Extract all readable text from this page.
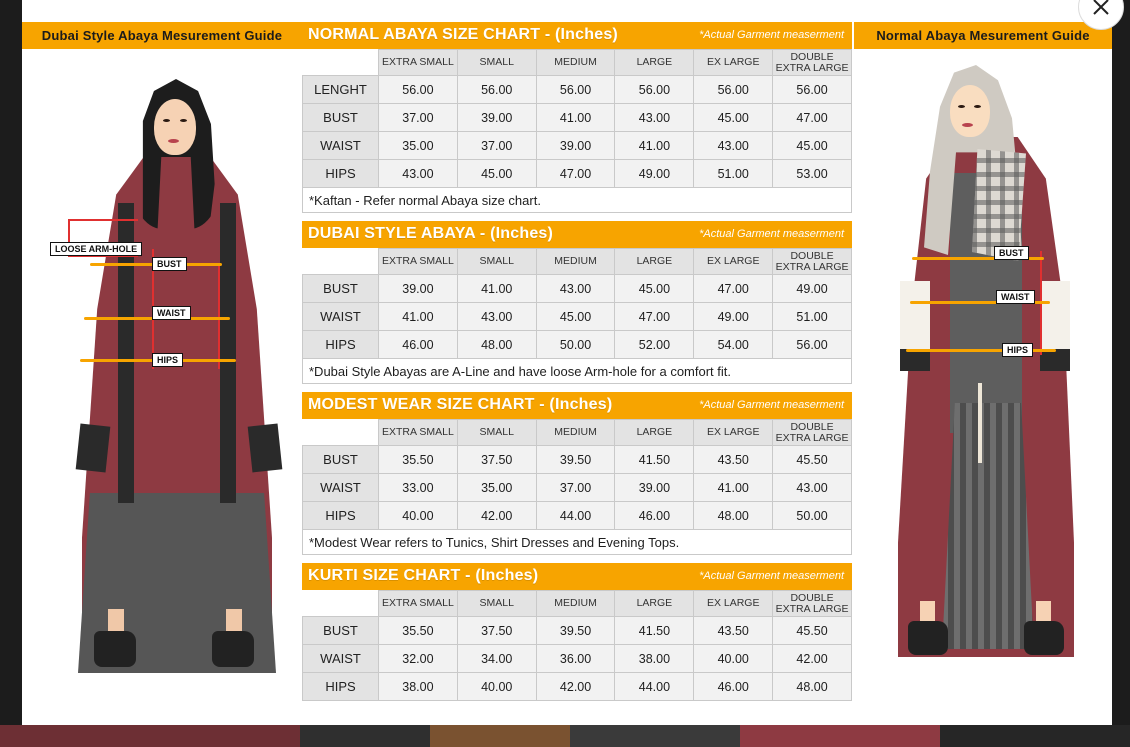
Dubai Style Abaya Mesurement Guide
LOOSE ARM-HOLE
BUST
WAIST
HIPS
NORMAL ABAYA SIZE CHART - (Inches)	*Actual Garment measerment
	EXTRA SMALL	SMALL	MEDIUM	LARGE	EX LARGE	DOUBLE EXTRA LARGE
LENGHT	56.00	56.00	56.00	56.00	56.00	56.00
BUST	37.00	39.00	41.00	43.00	45.00	47.00
WAIST	35.00	37.00	39.00	41.00	43.00	45.00
HIPS	43.00	45.00	47.00	49.00	51.00	53.00
*Kaftan - Refer normal Abaya size chart.
DUBAI STYLE ABAYA - (Inches)	*Actual Garment measerment
	EXTRA SMALL	SMALL	MEDIUM	LARGE	EX LARGE	DOUBLE EXTRA LARGE
BUST	39.00	41.00	43.00	45.00	47.00	49.00
WAIST	41.00	43.00	45.00	47.00	49.00	51.00
HIPS	46.00	48.00	50.00	52.00	54.00	56.00
*Dubai Style Abayas are A-Line and have loose Arm-hole for a comfort fit.
MODEST WEAR SIZE CHART - (Inches)	*Actual Garment measerment
	EXTRA SMALL	SMALL	MEDIUM	LARGE	EX LARGE	DOUBLE EXTRA LARGE
BUST	35.50	37.50	39.50	41.50	43.50	45.50
WAIST	33.00	35.00	37.00	39.00	41.00	43.00
HIPS	40.00	42.00	44.00	46.00	48.00	50.00
*Modest Wear refers to Tunics, Shirt Dresses and Evening Tops.
KURTI SIZE CHART - (Inches)	*Actual Garment measerment
	EXTRA SMALL	SMALL	MEDIUM	LARGE	EX LARGE	DOUBLE EXTRA LARGE
BUST	35.50	37.50	39.50	41.50	43.50	45.50
WAIST	32.00	34.00	36.00	38.00	40.00	42.00
HIPS	38.00	40.00	42.00	44.00	46.00	48.00
Normal Abaya Mesurement Guide
BUST
WAIST
HIPS
